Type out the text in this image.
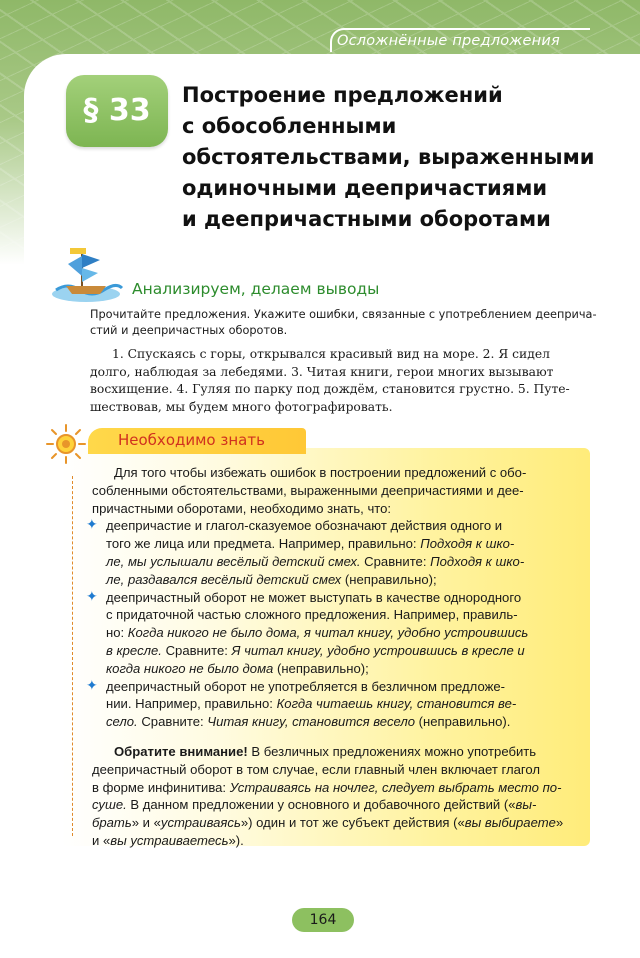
Осложнённые предложения
§ 33	Построение предложений
с обособленными
обстоятельствами, выраженными
одиночными деепричастиями
и деепричастными оборотами
Анализируем, делаем выводы
Прочитайте предложения. Укажите ошибки, связанные с употреблением дееприча-
стий и деепричастных оборотов.
1. Спускаясь с горы, открывался красивый вид на море. 2. Я сидел
долго, наблюдая за лебедями. 3. Читая книги, герои многих вызывают
восхищение. 4. Гуляя по парку под дождём, становится грустно. 5. Путе-
шествовав, мы будем много фотографировать.
Необходимо знать
Для того чтобы избежать ошибок в построении предложений с обо-
собленными обстоятельствами, выраженными деепричастиями и дее-
причастными оборотами, необходимо знать, что:
✦ деепричастие и глагол-сказуемое обозначают действия одного и
того же лица или предмета. Например, правильно: Подходя к шко-
ле, мы услышали весёлый детский смех. Сравните: Подходя к шко-
ле, раздавался весёлый детский смех (неправильно);
✦ деепричастный оборот не может выступать в качестве однородного
с придаточной частью сложного предложения. Например, правиль-
но: Когда никого не было дома, я читал книгу, удобно устроившись
в кресле. Сравните: Я читал книгу, удобно устроившись в кресле и
когда никого не было дома (неправильно);
✦ деепричастный оборот не употребляется в безличном предложе-
нии. Например, правильно: Когда читаешь книгу, становится ве-
село. Сравните: Читая книгу, становится весело (неправильно).
Обратите внимание! В безличных предложениях можно употребить
деепричастный оборот в том случае, если главный член включает глагол
в форме инфинитива: Устраиваясь на ночлег, следует выбрать место по-
суше. В данном предложении у основного и добавочного действий («вы-
брать» и «устраиваясь») один и тот же субъект действия («вы выбираете»
и «вы устраиваетесь»).
164
